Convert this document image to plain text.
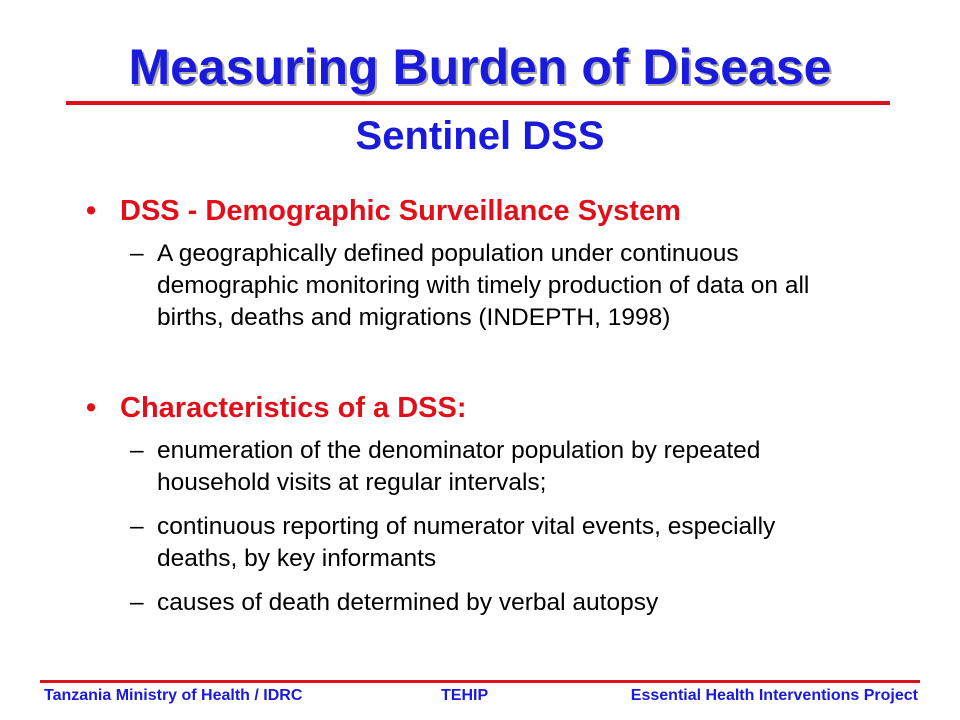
Measuring Burden of Disease
Sentinel DSS
• DSS - Demographic Surveillance System
– A geographically defined population under continuous demographic monitoring with timely production of data on all births, deaths and migrations (INDEPTH, 1998)
• Characteristics of a DSS:
– enumeration of the denominator population by repeated household visits at regular intervals;
– continuous reporting of numerator vital events, especially deaths, by key informants
– causes of death determined by verbal autopsy
Tanzania Ministry of Health / IDRC	TEHIP	Essential Health Interventions Project
